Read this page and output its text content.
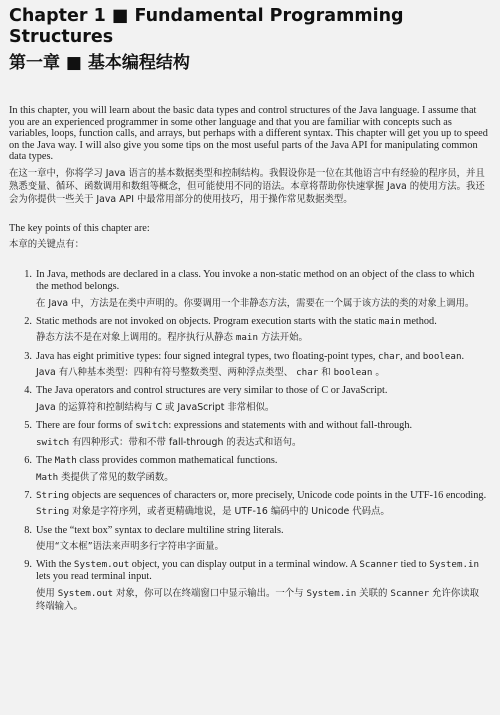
Chapter 1 ■ Fundamental Programming Structures
第一章 ■ 基本编程结构

In this chapter, you will learn about the basic data types and control structures of the Java language. I assume that you are an experienced programmer in some other language and that you are familiar with concepts such as variables, loops, function calls, and arrays, but perhaps with a different syntax. This chapter will get you up to speed on the Java way. I will also give you some tips on the most useful parts of the Java API for manipulating common data types.

在这一章中，你将学习 Java 语言的基本数据类型和控制结构。我假设你是一位在其他语言中有经验的程序员，并且熟悉变量、循环、函数调用和数组等概念，但可能使用不同的语法。本章将帮助你快速掌握 Java 的使用方法。我还会为你提供一些关于 Java API 中最常用部分的使用技巧，用于操作常见数据类型。

The key points of this chapter are:

本章的关键点有：

1. In Java, methods are declared in a class. You invoke a non-static method on an object of the class to which the method belongs.

在 Java 中，方法是在类中声明的。你要调用一个非静态方法，需要在一个属于该方法的类的对象上调用。

2. Static methods are not invoked on objects. Program execution starts with the static main method.

静态方法不是在对象上调用的。程序执行从静态 main 方法开始。

3. Java has eight primitive types: four signed integral types, two floating-point types, char, and boolean.

Java 有八种基本类型：四种有符号整数类型、两种浮点类型、 char 和 boolean 。

4. The Java operators and control structures are very similar to those of C or JavaScript.

Java 的运算符和控制结构与 C 或 JavaScript 非常相似。

5. There are four forms of switch: expressions and statements with and without fall-through.

switch 有四种形式：带和不带 fall-through 的表达式和语句。

6. The Math class provides common mathematical functions.

Math 类提供了常见的数学函数。

7. String objects are sequences of characters or, more precisely, Unicode code points in the UTF-16 encoding.

String 对象是字符序列，或者更精确地说，是 UTF-16 编码中的 Unicode 代码点。

8. Use the “text box” syntax to declare multiline string literals.

使用“文本框”语法来声明多行字符串字面量。

9. With the System.out object, you can display output in a terminal window. A Scanner tied to System.in lets you read terminal input.

使用 System.out 对象，你可以在终端窗口中显示输出。一个与 System.in 关联的 Scanner 允许你读取终端输入。
